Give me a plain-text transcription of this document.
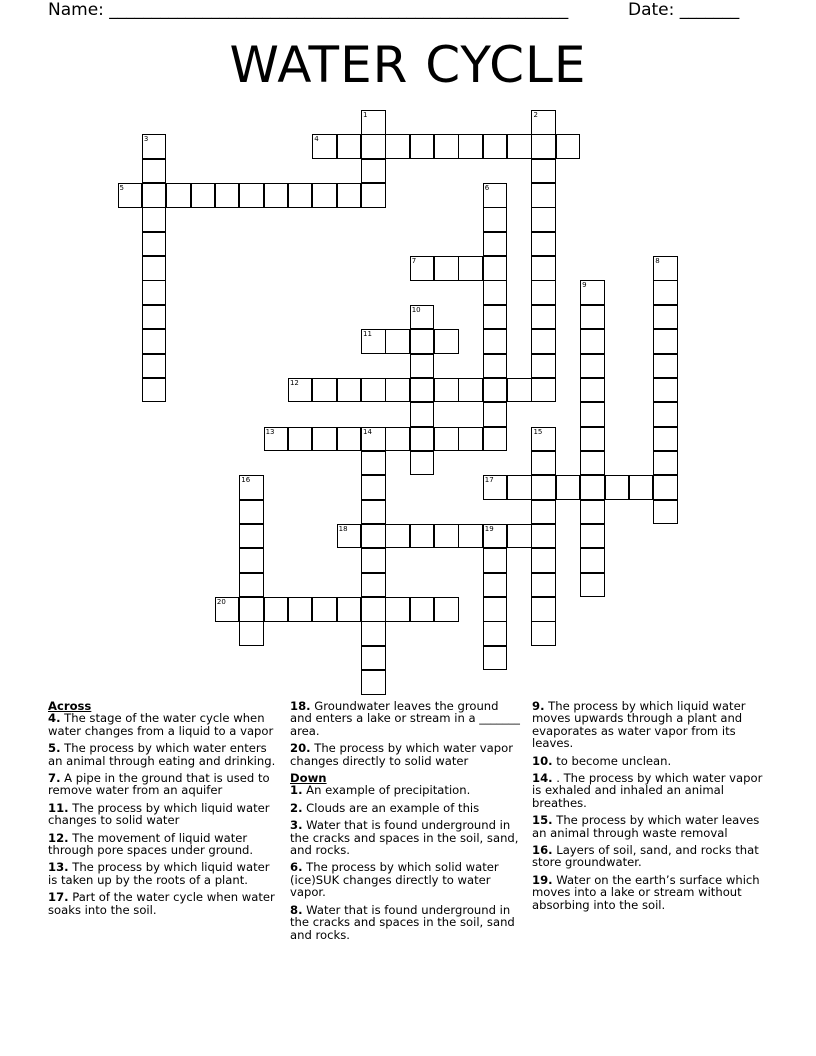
Name: ______________________________________________________	Date: _______
WATER CYCLE
4
5
7
11
12
13	14
17
18	19
20
1	2
3
6
8
9
10
15
16
Across
4. The stage of the water cycle when water changes from a liquid to a vapor
5. The process by which water enters an animal through eating and drinking.
7. A pipe in the ground that is used to remove water from an aquifer
11. The process by which liquid water changes to solid water
12. The movement of liquid water through pore spaces under ground.
13. The process by which liquid water is taken up by the roots of a plant.
17. Part of the water cycle when water soaks into the soil.
18. Groundwater leaves the ground and enters a lake or stream in a _______ area.
20. The process by which water vapor changes directly to solid water
Down
1. An example of precipitation.
2. Clouds are an example of this
3. Water that is found underground in the cracks and spaces in the soil, sand, and rocks.
6. The process by which solid water (ice)SUK changes directly to water vapor.
8. Water that is found underground in the cracks and spaces in the soil, sand and rocks.
9. The process by which liquid water moves upwards through a plant and evaporates as water vapor from its leaves.
10. to become unclean.
14. . The process by which water vapor is exhaled and inhaled an animal breathes.
15. The process by which water leaves an animal through waste removal
16. Layers of soil, sand, and rocks that store groundwater.
19. Water on the earth’s surface which moves into a lake or stream without absorbing into the soil.
